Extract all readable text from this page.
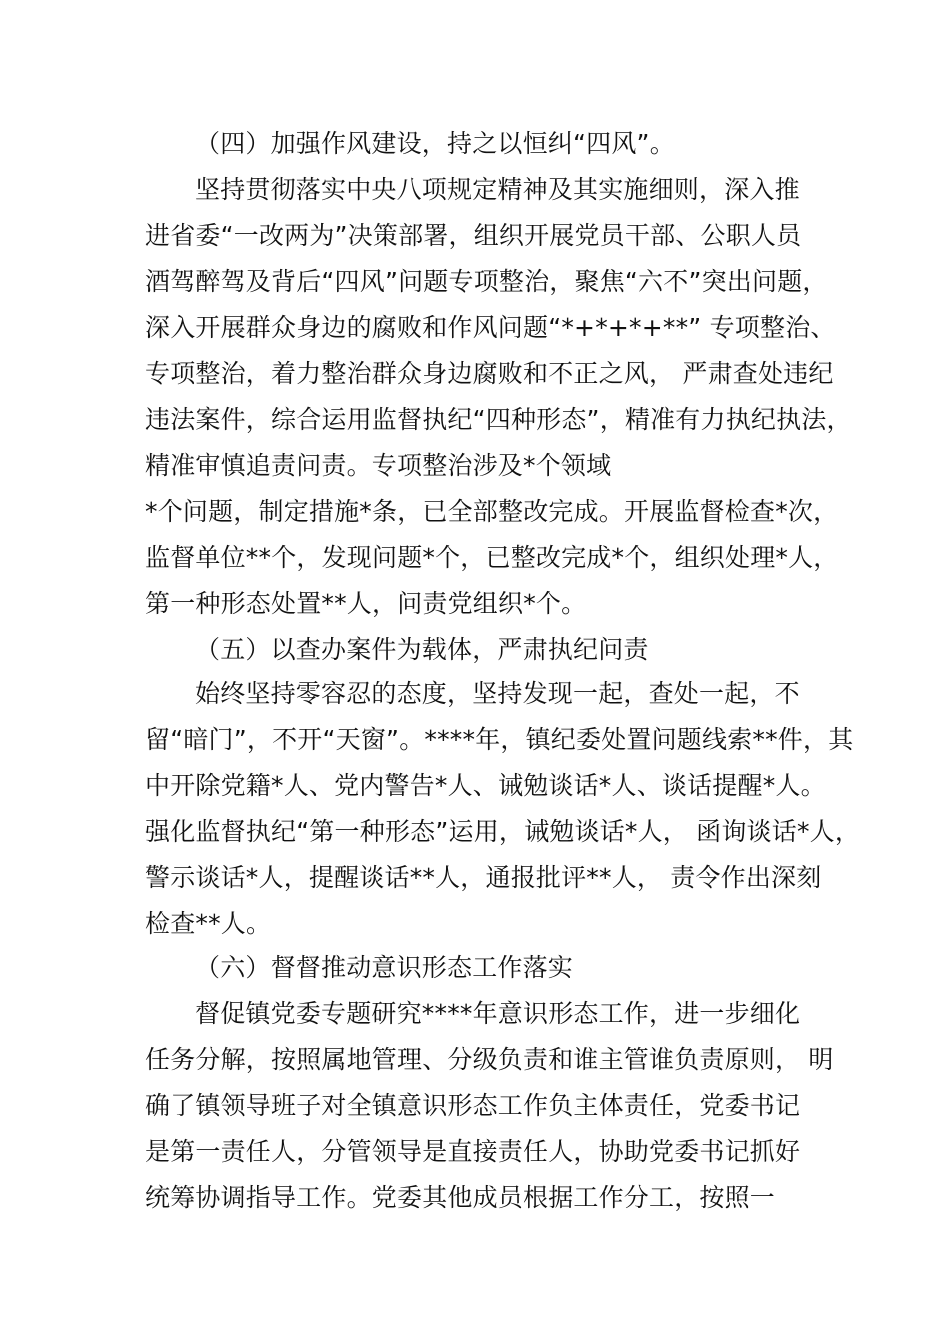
（四）加强作风建设，持之以恒纠“四风”。
坚持贯彻落实中央八项规定精神及其实施细则，深入推
进省委“一改两为”决策部署，组织开展党员干部、公职人员
酒驾醉驾及背后“四风”问题专项整治，聚焦“六不”突出问题，
深入开展群众身边的腐败和作风问题“*+*+*+**” 专项整治、
专项整治，着力整治群众身边腐败和不正之风， 严肃查处违纪
违法案件，综合运用监督执纪“四种形态”，精准有力执纪执法，
精准审慎追责问责。专项整治涉及*个领域
*个问题，制定措施*条，已全部整改完成。开展监督检查*次，
监督单位**个，发现问题*个，已整改完成*个，组织处理*人，
第一种形态处置**人，问责党组织*个。
（五）以查办案件为载体，严肃执纪问责
始终坚持零容忍的态度，坚持发现一起，查处一起，不
留“暗门”，不开“天窗”。****年，镇纪委处置问题线索**件，其
中开除党籍*人、党内警告*人、诫勉谈话*人、谈话提醒*人。
强化监督执纪“第一种形态”运用，诫勉谈话*人， 函询谈话*人，
警示谈话*人，提醒谈话**人，通报批评**人， 责令作出深刻
检查**人。
（六）督督推动意识形态工作落实
督促镇党委专题研究****年意识形态工作，进一步细化
任务分解，按照属地管理、分级负责和谁主管谁负责原则， 明
确了镇领导班子对全镇意识形态工作负主体责任，党委书记
是第一责任人，分管领导是直接责任人，协助党委书记抓好
统筹协调指导工作。党委其他成员根据工作分工，按照一
